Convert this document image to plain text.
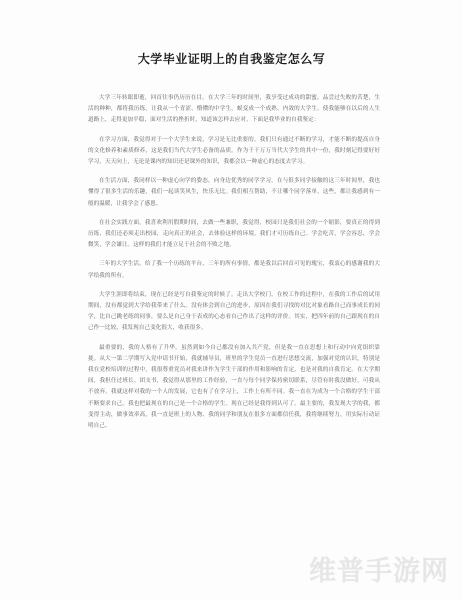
大学毕业证明上的自我鉴定怎么写

大学三年转眼即逝，回首往事仍历历在目。在大学三年的时间里，我享受过成功的甜蜜，品尝过失败的苦楚，生活的种种，都将我历练，让我从一个青涩、懵懂的中学生，蜕变成一个成熟、内敛的大学生。使我能够在以后的人生道路上，走得更加平稳，面对生活的挫折时，知道该怎样去应对。下面是我毕业的自我鉴定：

在学习方面，我觉得对于一个大学生来说，学习是无比重要的。我们只有通过不断的学习，才能不断的提高自身的文化修养和素质修养，这是我们当代大学生必备的品质。作为千千万万当代大学生的其中一份，我时刻记得要好好学习，天天向上，无论是课内的知识还是课外的知识，我都会以一种虚心的态度去学习。

在生活方面，我同样以一种虚心向学的姿态，向身边优秀的同学学习。在与很多同学接触的这三年时间里，我也懂得了很多生活的乐趣，我们一起谈笑风生，快乐无比。我们相互帮助，不让哪个同学落单，这些，都让我感到有一般的温暖，让我学会了感恩。

在社会实践方面，我喜欢利用假期时间，去做一些兼职，我觉得，校园只是我们社会的一个缩影，要真正的得到历练，我们还必须走出校园，走向真正的社会，去体验这样的环境。我们才可历练自己。学会吃苦，学会容忍，学会微笑，学会谦让。这样的我们才能立足于社会的不败之地。

三年的大学生活，给了我一个历练的平台，三年的所有事情，都是我以后回首可见的瑰宝，我衷心的感谢我的大学给我的所有。

大学生涯即将结束，现在已经是写自我鉴定的时候了。走出大学校门，在校工作的过程中，在我的工作后的试用期间，没有都觉到大学给我带来了什么。没有体会到自己的进步，原因在我们寻找的对比对象看路自己而事成长的同学，比自己跳老练的同事，要么是自己身于表成的心态看自己作出了这样的评价。其实，把四年前的自己跟现在的自己作一比较，我发现自己变化很大，收获很多。

最重要的，我的人格有了升华。虽然到如今自己都没有加入共产党，但是我一直在思想上和行动中向党组织靠拢。从大一第二学期写入党申请书开始，我就辅导员，班里的学生党员一直进行思想交流，加强对党的认识，特别是我在党校培训的过程中，我很尊重党员对我来讲作为学生干部的作用和影响的肯定，也是对我的自我肯定。在大学期间，我担任过班长、团支书，我觉得从那里的工作经验，一直与每个同学保持密切联系，尽管有时我没做好，可我从不放弃。我就这样对我的一个人的发展，它也有了在学习上，工作上有所不同。我一直在为成为一个合格的学生干部不断要求自己。我也把最现在的自己是一个合格的学生。现在已经是我得到认可了。最主要的，我发现大学的我，都变得主动，做事效率高，我一直是班上的人物、我的同学和朋友在很多方面都信任我，我将继续努力，用实际行动证明自己。

维普手游网
